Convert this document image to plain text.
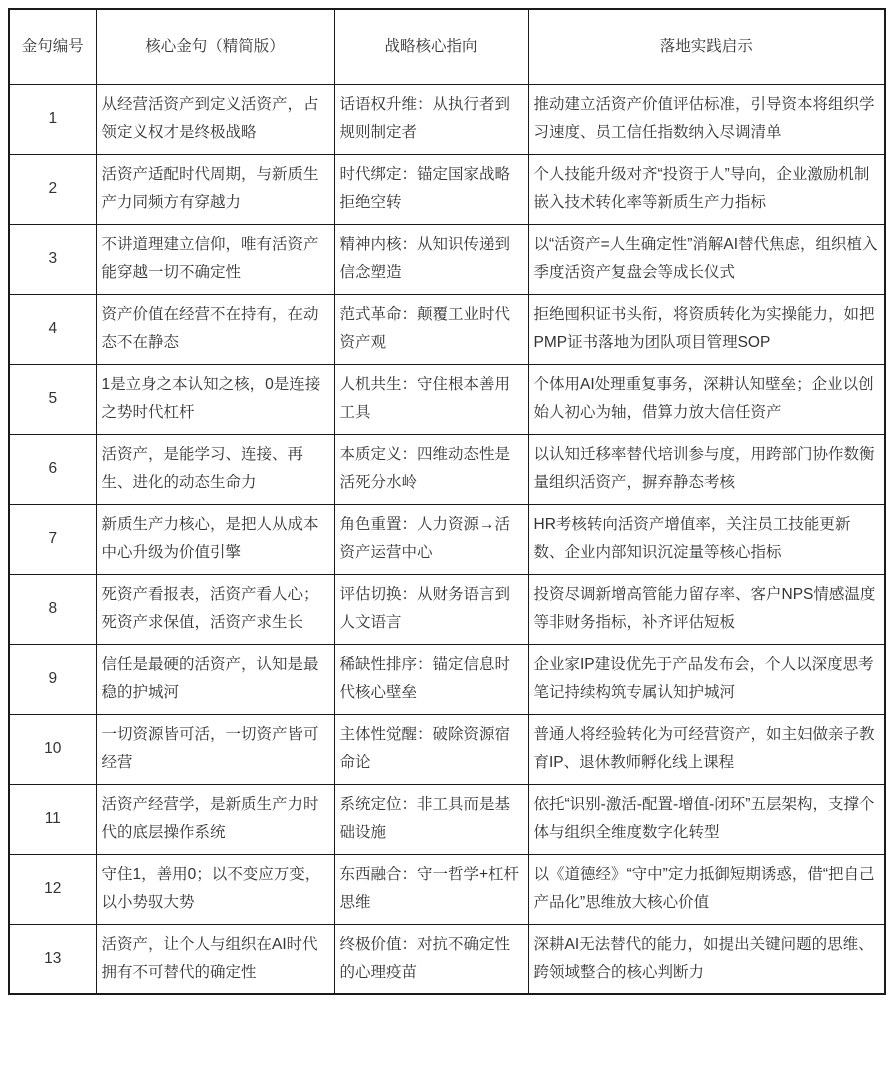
金句编号	核心金句（精简版）	战略核心指向	落地实践启示
1	从经营活资产到定义活资产，占领定义权才是终极战略	话语权升维：从执行者到规则制定者	推动建立活资产价值评估标准，引导资本将组织学习速度、员工信任指数纳入尽调清单
2	活资产适配时代周期，与新质生产力同频方有穿越力	时代绑定：锚定国家战略拒绝空转	个人技能升级对齐“投资于人”导向，企业激励机制嵌入技术转化率等新质生产力指标
3	不讲道理建立信仰，唯有活资产能穿越一切不确定性	精神内核：从知识传递到信念塑造	以“活资产=人生确定性”消解AI替代焦虑，组织植入季度活资产复盘会等成长仪式
4	资产价值在经营不在持有，在动态不在静态	范式革命：颠覆工业时代资产观	拒绝囤积证书头衔，将资质转化为实操能力，如把PMP证书落地为团队项目管理SOP
5	1是立身之本认知之核，0是连接之势时代杠杆	人机共生：守住根本善用工具	个体用AI处理重复事务，深耕认知壁垒；企业以创始人初心为轴，借算力放大信任资产
6	活资产，是能学习、连接、再生、进化的动态生命力	本质定义：四维动态性是活死分水岭	以认知迁移率替代培训参与度，用跨部门协作数衡量组织活资产，摒弃静态考核
7	新质生产力核心，是把人从成本中心升级为价值引擎	角色重置：人力资源→活资产运营中心	HR考核转向活资产增值率，关注员工技能更新数、企业内部知识沉淀量等核心指标
8	死资产看报表，活资产看人心；死资产求保值，活资产求生长	评估切换：从财务语言到人文语言	投资尽调新增高管能力留存率、客户NPS情感温度等非财务指标，补齐评估短板
9	信任是最硬的活资产，认知是最稳的护城河	稀缺性排序：锚定信息时代核心壁垒	企业家IP建设优先于产品发布会，个人以深度思考笔记持续构筑专属认知护城河
10	一切资源皆可活，一切资产皆可经营	主体性觉醒：破除资源宿命论	普通人将经验转化为可经营资产，如主妇做亲子教育IP、退休教师孵化线上课程
11	活资产经营学，是新质生产力时代的底层操作系统	系统定位：非工具而是基础设施	依托“识别-激活-配置-增值-闭环”五层架构，支撑个体与组织全维度数字化转型
12	守住1，善用0；以不变应万变，以小势驭大势	东西融合：守一哲学+杠杆思维	以《道德经》“守中”定力抵御短期诱惑，借“把自己产品化”思维放大核心价值
13	活资产，让个人与组织在AI时代拥有不可替代的确定性	终极价值：对抗不确定性的心理疫苗	深耕AI无法替代的能力，如提出关键问题的思维、跨领域整合的核心判断力
